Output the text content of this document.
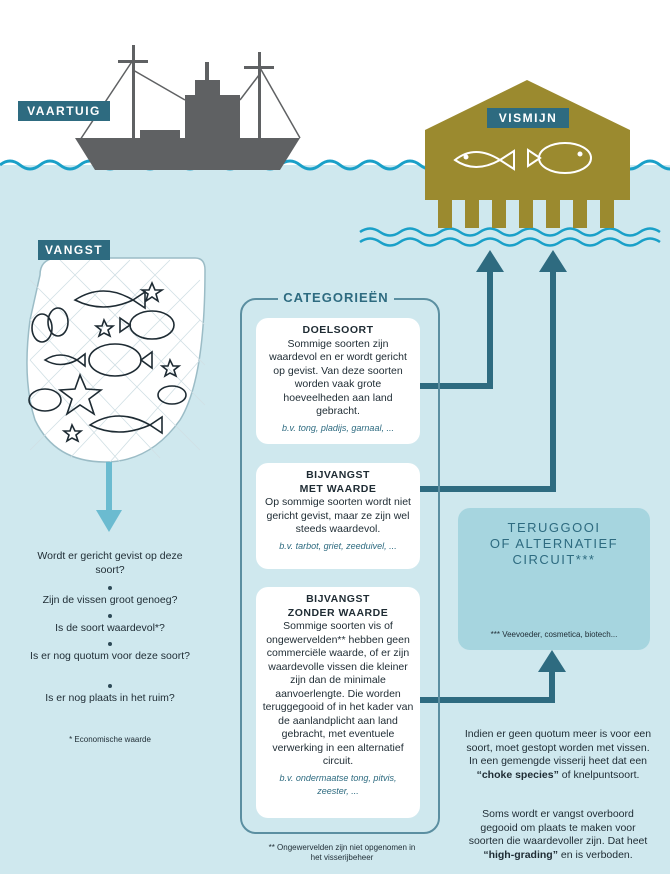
VAARTUIG	VISMIJN
VANGST
CATEGORIEËN
DOELSOORT
Sommige soorten zijn waardevol en er wordt gericht op gevist. Van deze soorten worden vaak grote hoeveelheden aan land gebracht.
b.v. tong, pladijs, garnaal, ...
BIJVANGST
MET WAARDE
Op sommige soorten wordt niet gericht gevist, maar ze zijn wel steeds waardevol.
b.v. tarbot, griet, zeeduivel, ...
BIJVANGST
ZONDER WAARDE
Sommige soorten vis of ongewervelden** hebben geen commerciële waarde, of er zijn waardevolle vissen die kleiner zijn dan de minimale aanvoerlengte. Die worden teruggegooid of in het kader van de aanlandplicht aan land gebracht, met eventuele verwerking in een alternatief circuit.
b.v. ondermaatse tong, pitvis, zeester, ...
** Ongewervelden zijn niet opgenomen in het visserijbeheer
Wordt er gericht gevist op deze soort?
Zijn de vissen groot genoeg?
Is de soort waardevol*?
Is er nog quotum voor deze soort?
Is er nog plaats in het ruim?
* Economische waarde
TERUGGOOI
OF ALTERNATIEF
CIRCUIT***
*** Veevoeder, cosmetica, biotech...
Indien er geen quotum meer is voor een soort, moet gestopt worden met vissen. In een gemengde visserij heet dat een “choke species” of knelpuntsoort.
Soms wordt er vangst overboord gegooid om plaats te maken voor soorten die waardevoller zijn. Dat heet “high-grading” en is verboden.
